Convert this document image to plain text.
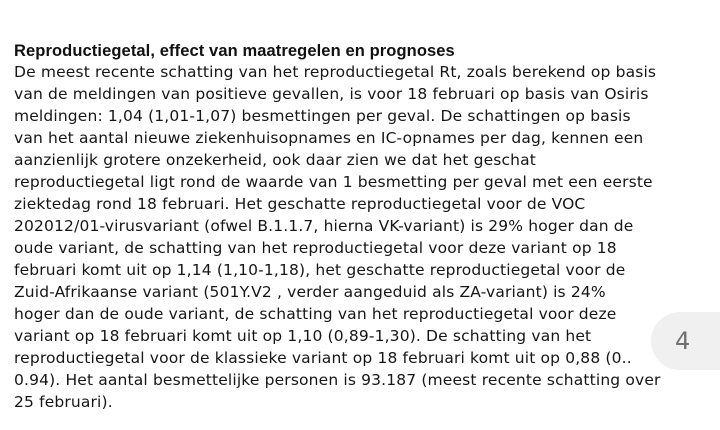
Reproductiegetal, effect van maatregelen en prognoses
De meest recente schatting van het reproductiegetal Rt, zoals berekend op basis
van de meldingen van positieve gevallen, is voor 18 februari op basis van Osiris
meldingen: 1,04 (1,01-1,07) besmettingen per geval. De schattingen op basis
van het aantal nieuwe ziekenhuisopnames en IC-opnames per dag, kennen een
aanzienlijk grotere onzekerheid, ook daar zien we dat het geschat
reproductiegetal ligt rond de waarde van 1 besmetting per geval met een eerste
ziektedag rond 18 februari. Het geschatte reproductiegetal voor de VOC
202012/01-virusvariant (ofwel B.1.1.7, hierna VK-variant) is 29% hoger dan de
oude variant, de schatting van het reproductiegetal voor deze variant op 18
februari komt uit op 1,14 (1,10-1,18), het geschatte reproductiegetal voor de
Zuid-Afrikaanse variant (501Y.V2 , verder aangeduid als ZA-variant) is 24%
hoger dan de oude variant, de schatting van het reproductiegetal voor deze
variant op 18 februari komt uit op 1,10 (0,89-1,30). De schatting van het
reproductiegetal voor de klassieke variant op 18 februari komt uit op 0,88 (0..
0.94). Het aantal besmettelijke personen is 93.187 (meest recente schatting over
25 februari).
4
